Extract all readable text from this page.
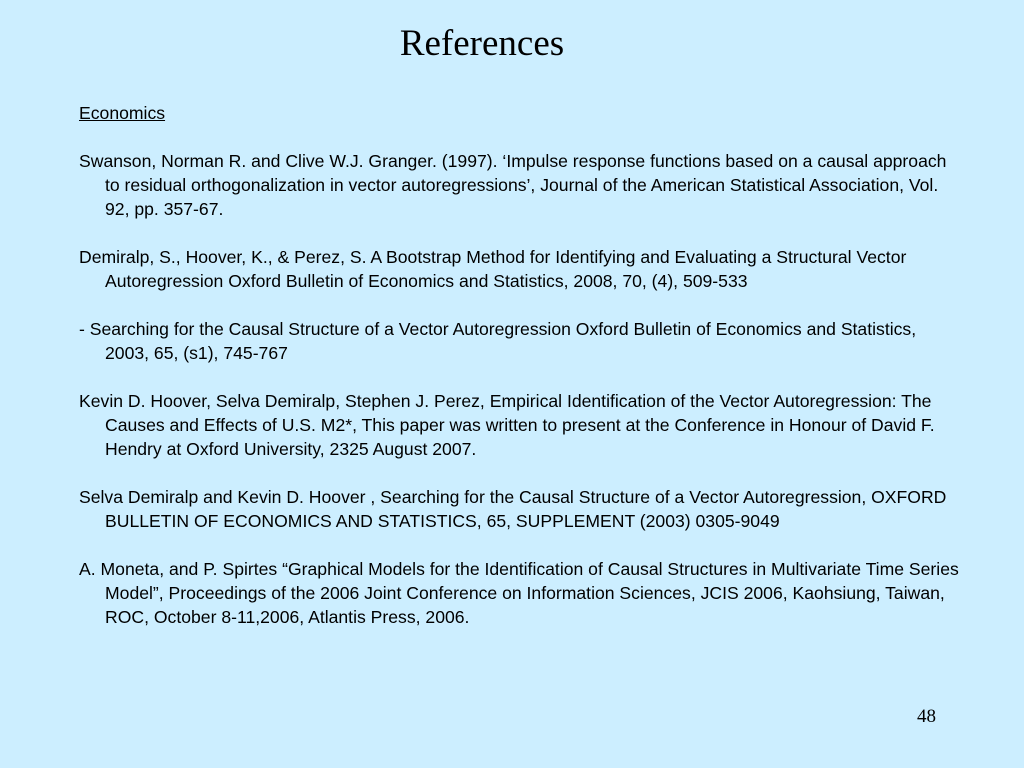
References

Economics

Swanson, Norman R. and Clive W.J. Granger. (1997). ‘Impulse response functions based on a causal approach to residual orthogonalization in vector autoregressions’, Journal of the American Statistical Association, Vol. 92, pp. 357-67.

Demiralp, S., Hoover, K., & Perez, S. A Bootstrap Method for Identifying and Evaluating a Structural Vector Autoregression Oxford Bulletin of Economics and Statistics, 2008, 70, (4), 509-533

- Searching for the Causal Structure of a Vector Autoregression Oxford Bulletin of Economics and Statistics, 2003, 65, (s1), 745-767

Kevin D. Hoover, Selva Demiralp, Stephen J. Perez, Empirical Identification of the Vector Autoregression: The Causes and Effects of U.S. M2*, This paper was written to present at the Conference in Honour of David F. Hendry at Oxford University, 2325 August 2007.

Selva Demiralp and Kevin D. Hoover , Searching for the Causal Structure of a Vector Autoregression, OXFORD BULLETIN OF ECONOMICS AND STATISTICS, 65, SUPPLEMENT (2003) 0305-9049

A. Moneta, and P. Spirtes “Graphical Models for the Identification of Causal Structures in Multivariate Time Series Model”, Proceedings of the 2006 Joint Conference on Information Sciences, JCIS 2006, Kaohsiung, Taiwan, ROC, October 8-11,2006, Atlantis Press, 2006.

48
